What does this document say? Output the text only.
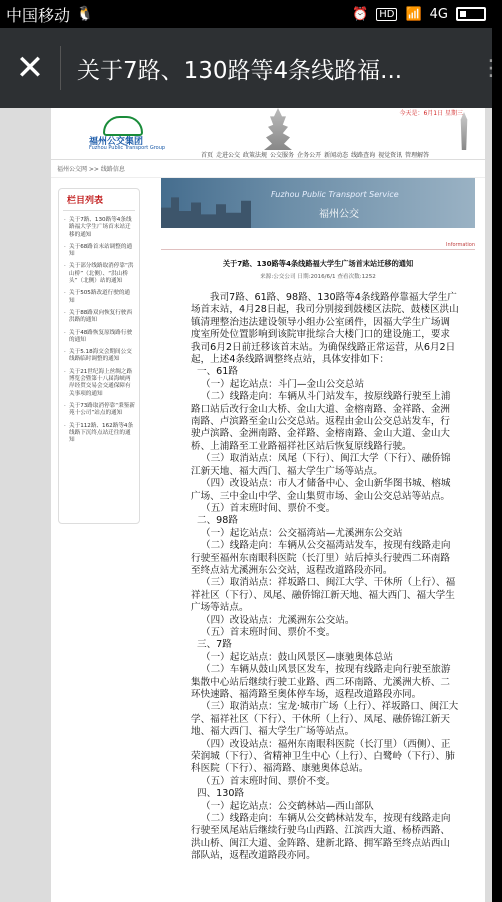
中国移动 🐧	⏰	HD 📶 4G
✕	关于7路、130路等4条线路福...	⋮
福州公交集团
Fuzhou Public Transport Group
今天是：6月1日 星期三
首页 走进公交 政策法规 公交服务 企务公开 新闻动态 线路查询 视觉资讯 管理解答
福州公交网 >> 线路信息
栏目列表
· 关于7路、130路等4条线路福大学生广场首末站迁移的通知
· 关于68路首末站调整的通知
· 关于部分线路取消停靠“洪山桥”（北侧）、“洪山桥头”（北侧）站的通知
· 关于505路改道行驶的通知
· 关于88路双向恢复行驶西洪路的通知
· 关于48路恢复原线路行驶的通知
· 关于5.18海交会期间公交线路临时调整的通知
· 关于21世纪海上丝绸之路博览会暨第十八届海峡两岸经贸交易会交通保障有关事项的通知
· 关于73路取消停靠“秉鉴新苑十公司”站点的通知
· 关于112路、162路等4条线路下沉终点站迁往的通知
Fuzhou Public Transport Service
福州公交
Information
关于7路、130路等4条线路福大学生广场首末站迁移的通知
来源:公交公司 日期:2016/6/1 查看次数:1252

我司7路、61路、98路、130路等4条线路停靠福大学生广场首末站，4月28日起，我司分别接到鼓楼区法院、鼓楼区洪山镇清理整治违法建设领导小组办公室函件，因福大学生广场调度室所处位置影响到该院审批综合大楼门口的建设施工，要求我司6月2日前迁移该首末站。为确保线路正常运营，从6月2日起，上述4条线路调整终点站，具体安排如下：

一、61路

（一）起讫站点：斗门—金山公交总站

（二）线路走向：车辆从斗门站发车，按原线路行驶至上浦路口站后改行金山大桥、金山大道、金榕南路、金祥路、金洲南路、卢滨路至金山公交总站。返程由金山公交总站发车，行驶卢滨路、金洲南路、金祥路、金榕南路、金山大道、金山大桥、上浦路至工业路福祥社区站后恢复原线路行驶。

（三）取消站点：凤尾（下行）、闽江大学（下行）、融侨锦江新天地、福大西门、福大学生广场等站点。

（四）改设站点：市人才储备中心、金山新华图书城、榕城广场、三中金山中学、金山集贸市场、金山公交总站等站点。

（五）首末班时间、票价不变。

二、98路

（一）起讫站点：公交福湾站—尤溪洲东公交站

（二）线路走向：车辆从公交福湾站发车，按现有线路走向行驶至福州东南眼科医院（长汀里）站后掉头行驶西二环南路至终点站尤溪洲东公交站，返程改道路段亦同。

（三）取消站点：祥坂路口、闽江大学、干休所（上行）、福祥社区（下行）、凤尾、融侨锦江新天地、福大西门、福大学生广场等站点。

（四）改设站点：尤溪洲东公交站。

（五）首末班时间、票价不变。

三、7路

（一）起讫站点：鼓山风景区—康驰奥体总站

（二）车辆从鼓山风景区发车，按现有线路走向行驶至旅游集散中心站后继续行驶工业路、西二环南路、尤溪洲大桥、二环快速路、福湾路至奥体停车场，返程改道路段亦同。

（三）取消站点：宝龙·城市广场（上行）、祥坂路口、闽江大学、福祥社区（下行）、干休所（上行）、凤尾、融侨锦江新天地、福大西门、福大学生广场等站点。

（四）改设站点：福州东南眼科医院（长汀里）（西侧）、正荣润城（下行）、省精神卫生中心（上行）、白鹭岭（下行）、肺科医院（下行）、福湾路、康驰奥体总站。

（五）首末班时间、票价不变。

四、130路

（一）起讫站点：公交鹤林站—西山部队

（二）线路走向：车辆从公交鹤林站发车，按现有线路走向行驶至凤尾站后继续行驶乌山西路、江滨西大道、杨桥西路、洪山桥、闽江大道、金阵路、建新北路、拥军路至终点站西山部队站，返程改道路段亦同。
